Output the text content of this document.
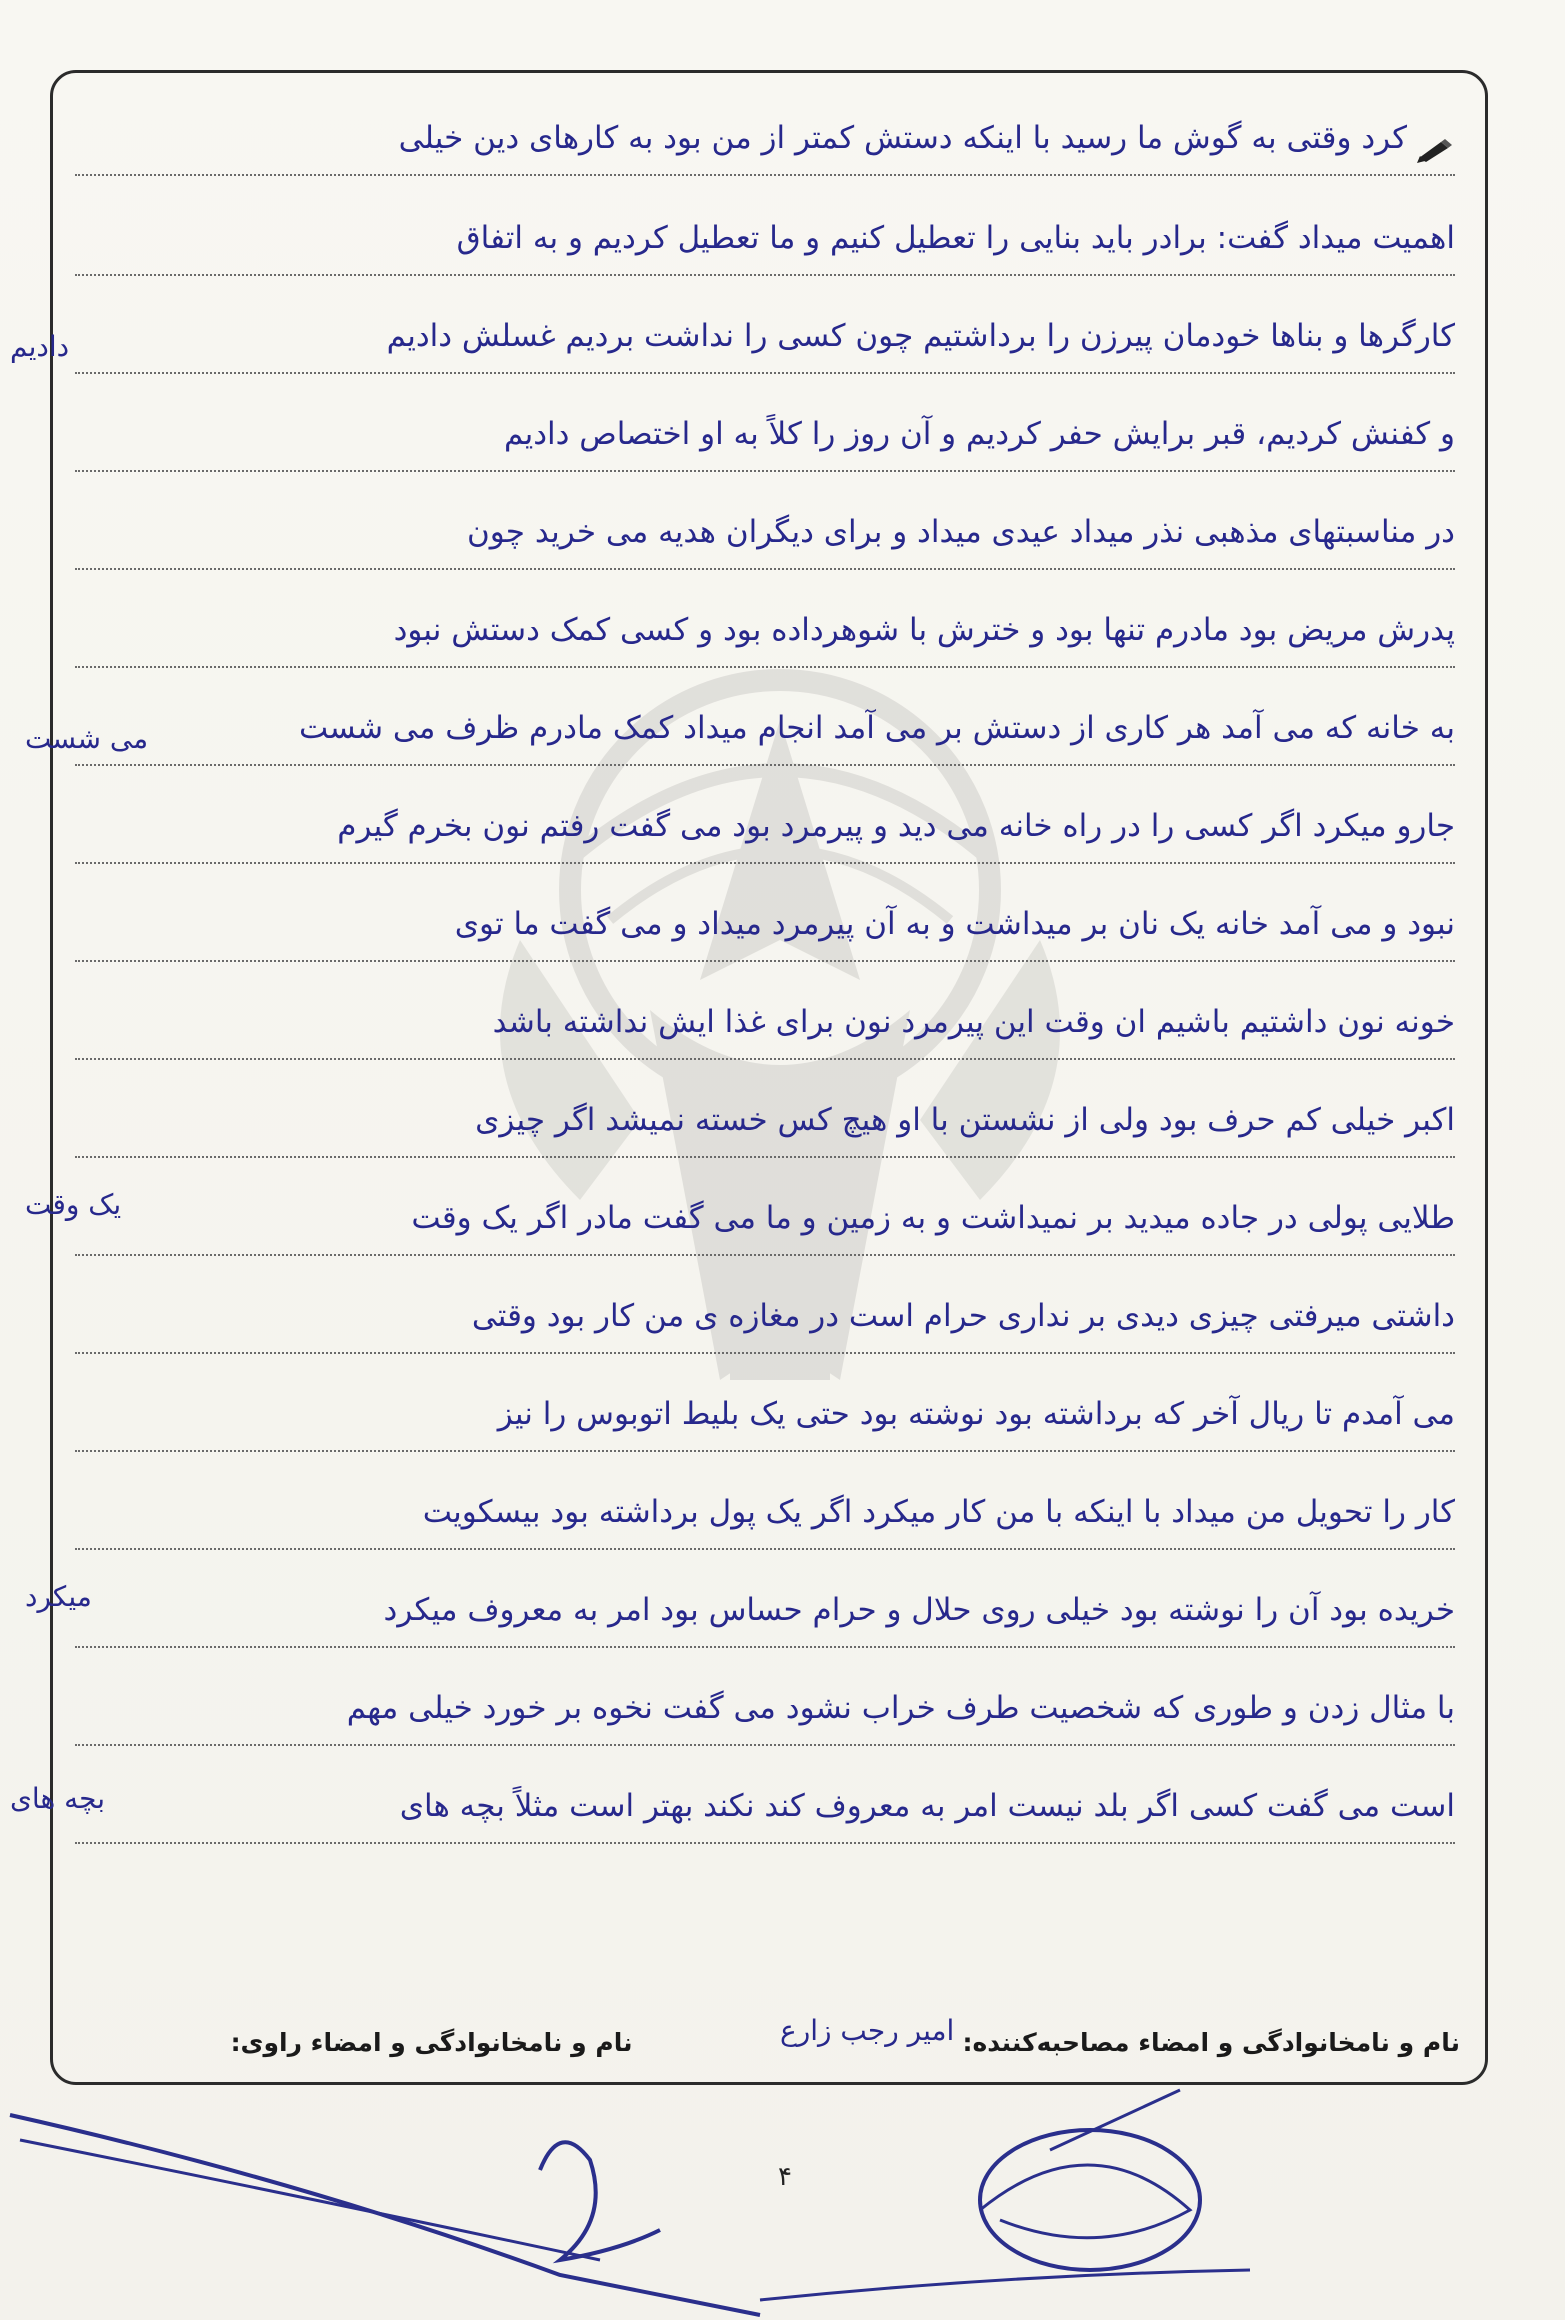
کرد وقتی به گوش ما رسید با اینکه دستش کمتر از من بود به کارهای دین خیلی
اهمیت میداد گفت: برادر باید بنایی را تعطیل کنیم و ما تعطیل کردیم و به اتفاق
کارگرها و بناها خودمان پیرزن را برداشتیم چون کسی را نداشت بردیم غسلش دادیم
و کفنش کردیم، قبر برایش حفر کردیم و آن روز را کلاً به او اختصاص دادیم
در مناسبتهای مذهبی نذر میداد عیدی میداد و برای دیگران هدیه می خرید چون
پدرش مریض بود مادرم تنها بود و خترش با شوهرداده بود و کسی کمک دستش نبود
به خانه که می آمد هر کاری از دستش بر می آمد انجام میداد کمک مادرم ظرف می شست
جارو میکرد اگر کسی را در راه خانه می دید و پیرمرد بود می گفت رفتم نون بخرم گیرم
نبود و می آمد خانه یک نان بر میداشت و به آن پیرمرد میداد و می گفت ما توی
خونه نون داشتیم باشیم ان وقت این پیرمرد نون برای غذا ایش نداشته باشد
اکبر خیلی کم حرف بود ولی از نشستن با او هیچ کس خسته نمیشد اگر چیزی
طلایی پولی در جاده میدید بر نمیداشت و به زمین و ما می گفت مادر اگر یک وقت
داشتی میرفتی چیزی دیدی بر نداری حرام است در مغازه ی من کار بود وقتی
می آمدم تا ریال آخر که برداشته بود نوشته بود حتی یک بلیط اتوبوس را نیز
کار را تحویل من میداد با اینکه با من کار میکرد اگر یک پول برداشته بود بیسکویت
خریده بود آن را نوشته بود خیلی روی حلال و حرام حساس بود امر به معروف میکرد
با مثال زدن و طوری که شخصیت طرف خراب نشود می گفت نخوه بر خورد خیلی مهم
است می گفت کسی اگر بلد نیست امر به معروف کند نکند بهتر است مثلاً بچه های
دادیم
می شست
یک وقت
میکرد
بچه های
نام و نامخانوادگی و امضاء مصاحبه‌کننده:نام و نامخانوادگی و امضاء راوی:	امیر رجب زارع
۴
